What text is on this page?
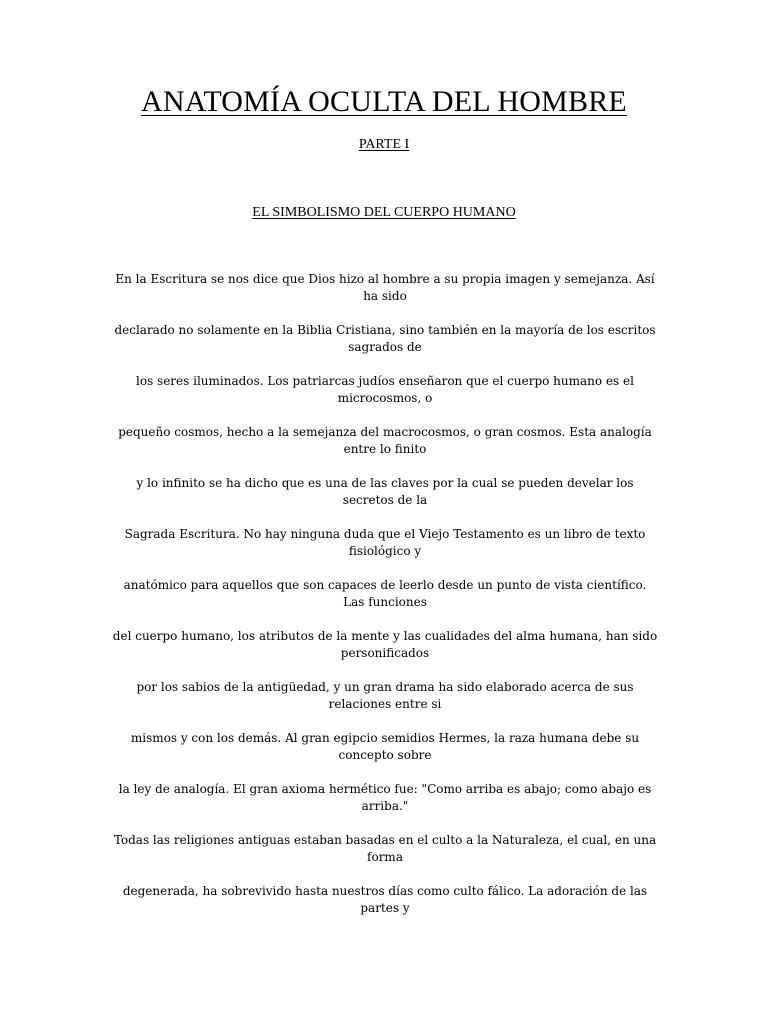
ANATOMÍA OCULTA DEL HOMBRE
PARTE I
EL SIMBOLISMO DEL CUERPO HUMANO

En la Escritura se nos dice que Dios hizo al hombre a su propia imagen y semejanza. Así ha sido

declarado no solamente en la Biblia Cristiana, sino también en la mayoría de los escritos sagrados de

los seres iluminados. Los patriarcas judíos enseñaron que el cuerpo humano es el microcosmos, o

pequeño cosmos, hecho a la semejanza del macrocosmos, o gran cosmos. Esta analogía entre lo finito

y lo infinito se ha dicho que es una de las claves por la cual se pueden develar los secretos de la

Sagrada Escritura. No hay ninguna duda que el Viejo Testamento es un libro de texto fisiológico y

anatómico para aquellos que son capaces de leerlo desde un punto de vista científico. Las funciones

del cuerpo humano, los atributos de la mente y las cualidades del alma humana, han sido personificados

por los sabios de la antigüedad, y un gran drama ha sido elaborado acerca de sus relaciones entre si

mismos y con los demás. Al gran egipcio semidios Hermes, la raza humana debe su concepto sobre

la ley de analogía. El gran axioma hermético fue: "Como arriba es abajo; como abajo es arriba."

Todas las religiones antiguas estaban basadas en el culto a la Naturaleza, el cual, en una forma

degenerada, ha sobrevivido hasta nuestros días como culto fálico. La adoración de las partes y
